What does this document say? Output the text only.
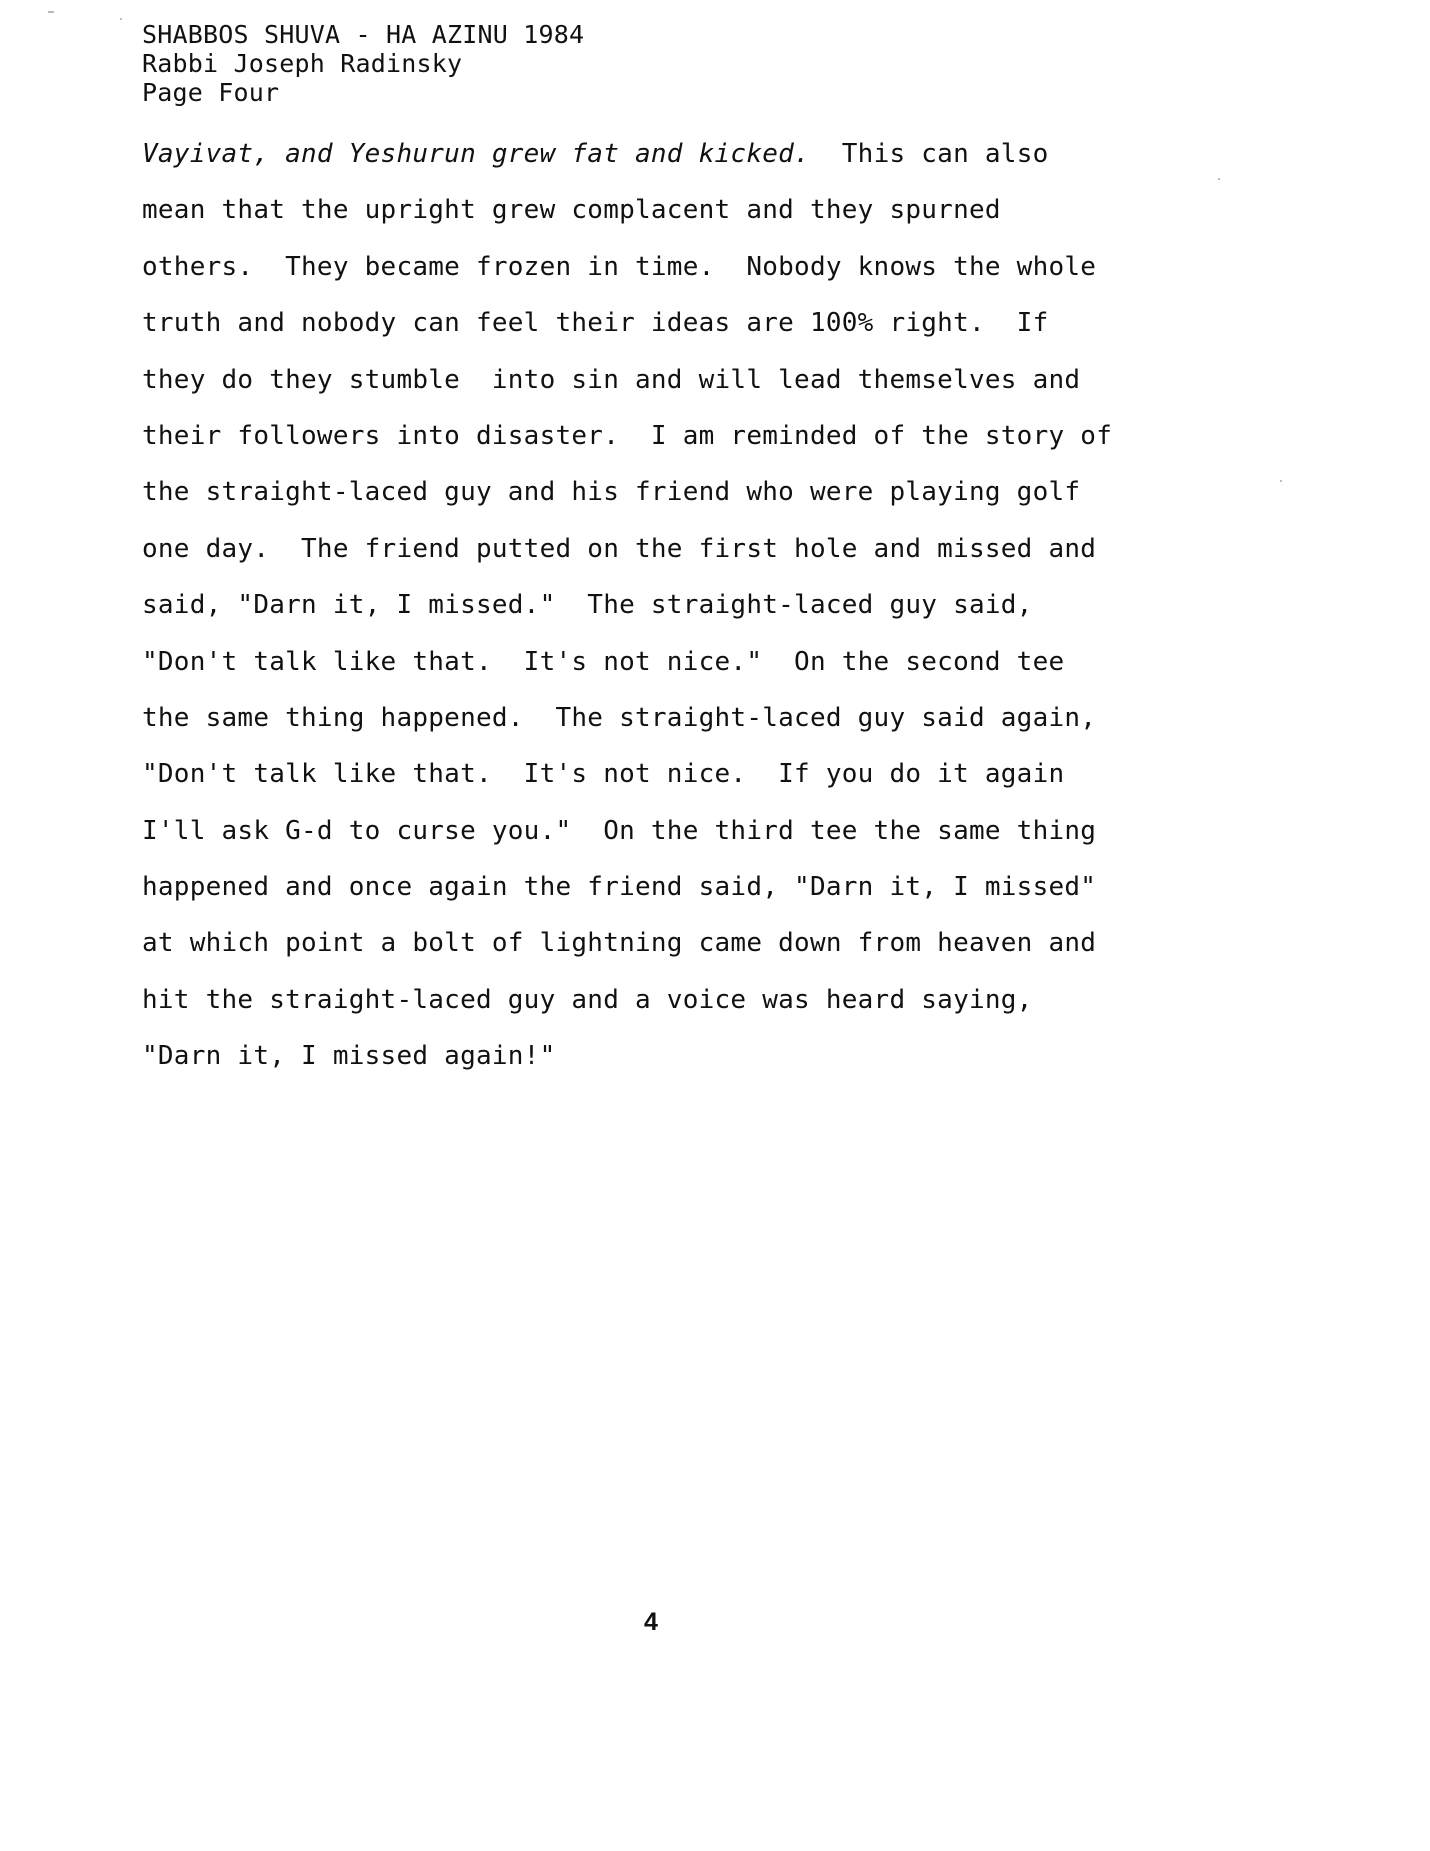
SHABBOS SHUVA - HA AZINU 1984
Rabbi Joseph Radinsky
Page Four
Vayivat, and Yeshurun grew fat and kicked.  This can also
mean that the upright grew complacent and they spurned
others.  They became frozen in time.  Nobody knows the whole
truth and nobody can feel their ideas are 100% right.  If
they do they stumble  into sin and will lead themselves and
their followers into disaster.  I am reminded of the story of
the straight-laced guy and his friend who were playing golf
one day.  The friend putted on the first hole and missed and
said, "Darn it, I missed."  The straight-laced guy said,
"Don't talk like that.  It's not nice."  On the second tee
the same thing happened.  The straight-laced guy said again,
"Don't talk like that.  It's not nice.  If you do it again
I'll ask G-d to curse you."  On the third tee the same thing
happened and once again the friend said, "Darn it, I missed"
at which point a bolt of lightning came down from heaven and
hit the straight-laced guy and a voice was heard saying,
"Darn it, I missed again!"
4
